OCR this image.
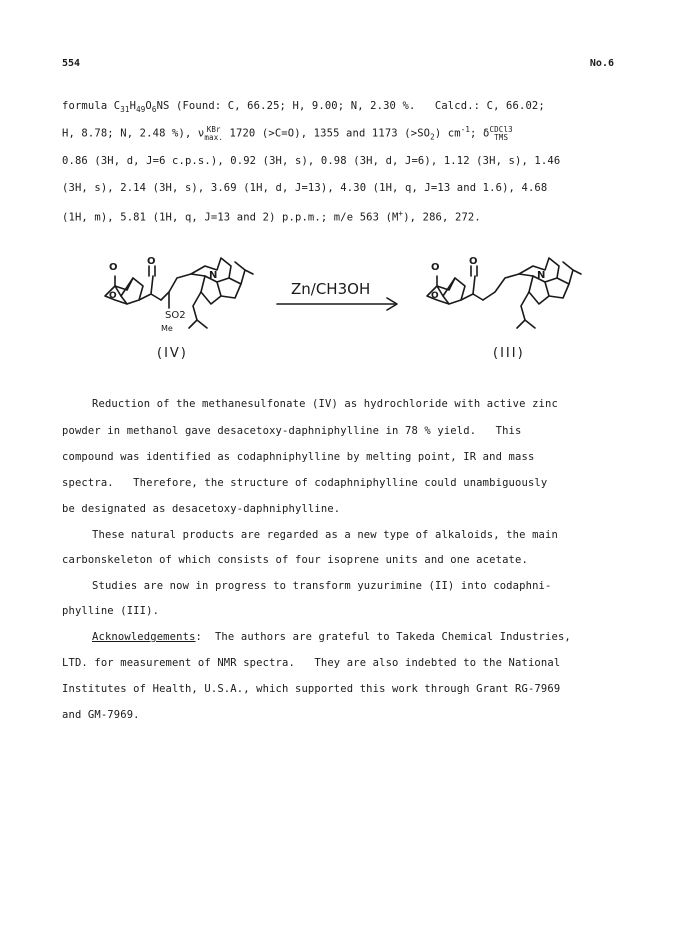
554	No.6
formula $C_{31}H_{49}O_6NS$ (Found: C, 66.25; H, 9.00; N, 2.30 %.   Calcd.: C, 66.02;
H, 8.78; N, 2.48 %), ν KBr
max. 1720 (>C=O), 1355 and 1173 $(>SO_2)$ $cm^{-1}$; δ CDCl3
TMS
0.86 (3H, d, J=6 c.p.s.), 0.92 (3H, s), 0.98 (3H, d, J=6), 1.12 (3H, s), 1.46
(3H, s), 2.14 (3H, s), 3.69 (1H, d, J=13), 4.30 (1H, q, J=13 and 1.6), 4.68
(1H, m), 5.81 (1H, q, J=13 and 2) p.p.m.; m/e 563 (M+), 286, 272.
O
O
O
N
O
O
O
N
SO2
Me
Zn/CH3OH
(IV)	(III)
Reduction of the methanesulfonate (IV) as hydrochloride with active zinc
powder in methanol gave desacetoxy-daphniphylline in 78 % yield.   This
compound was identified as codaphniphylline by melting point, IR and mass
spectra.   Therefore, the structure of codaphniphylline could unambiguously
be designated as desacetoxy-daphniphylline.
These natural products are regarded as a new type of alkaloids, the main
carbonskeleton of which consists of four isoprene units and one acetate.
Studies are now in progress to transform yuzurimine (II) into codaphni-
phylline (III).
Acknowledgements:  The authors are grateful to Takeda Chemical Industries,
LTD. for measurement of NMR spectra.   They are also indebted to the National
Institutes of Health, U.S.A., which supported this work through Grant RG-7969
and GM-7969.
